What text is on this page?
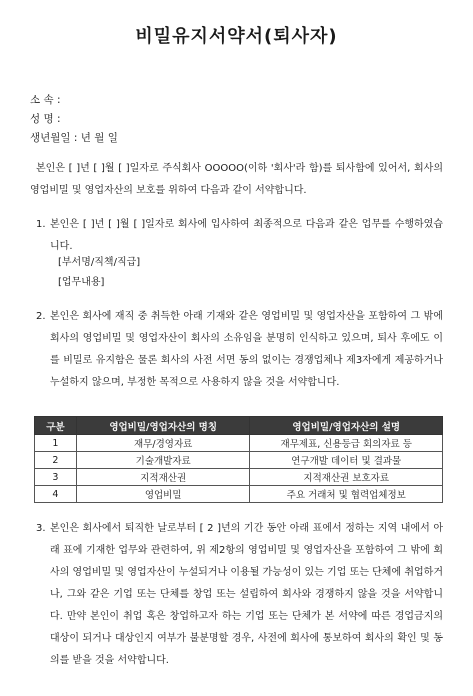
비밀유지서약서(퇴사자)
소 속 :
성 명 :
생년월일 : 년 월 일
본인은 [ ]년 [ ]월 [ ]일자로 주식회사 OOOOO(이하 '회사'라 함)를 퇴사함에 있어서, 회사의 영업비밀 및 영업자산의 보호를 위하여 다음과 같이 서약합니다.
1. 본인은 [ ]년 [ ]월 [ ]일자로 회사에 입사하여 최종적으로 다음과 같은 업무를 수행하였습니다.
[부서명/직책/직급]
[업무내용]
2. 본인은 회사에 재직 중 취득한 아래 기재와 같은 영업비밀 및 영업자산을 포함하여 그 밖에 회사의 영업비밀 및 영업자산이 회사의 소유임을 분명히 인식하고 있으며, 퇴사 후에도 이를 비밀로 유지함은 물론 회사의 사전 서면 동의 없이는 경쟁업체나 제3자에게 제공하거나 누설하지 않으며, 부정한 목적으로 사용하지 않을 것을 서약합니다.
구분	영업비밀/영업자산의 명칭	영업비밀/영업자산의 설명
1	재무/경영자료	재무제표, 신용등급 회의자료 등
2	기술개발자료	연구개발 데이터 및 결과물
3	지적재산권	지적재산권 보호자료
4	영업비밀	주요 거래처 및 협력업체정보
3. 본인은 회사에서 퇴직한 날로부터 [ 2 ]년의 기간 동안 아래 표에서 정하는 지역 내에서 아래 표에 기재한 업무와 관련하여, 위 제2항의 영업비밀 및 영업자산을 포함하여 그 밖에 회사의 영업비밀 및 영업자산이 누설되거나 이용될 가능성이 있는 기업 또는 단체에 취업하거나, 그와 같은 기업 또는 단체를 창업 또는 설립하여 회사와 경쟁하지 않을 것을 서약합니다. 만약 본인이 취업 혹은 창업하고자 하는 기업 또는 단체가 본 서약에 따른 경업금지의 대상이 되거나 대상인지 여부가 불분명할 경우, 사전에 회사에 통보하여 회사의 확인 및 동의를 받을 것을 서약합니다.
